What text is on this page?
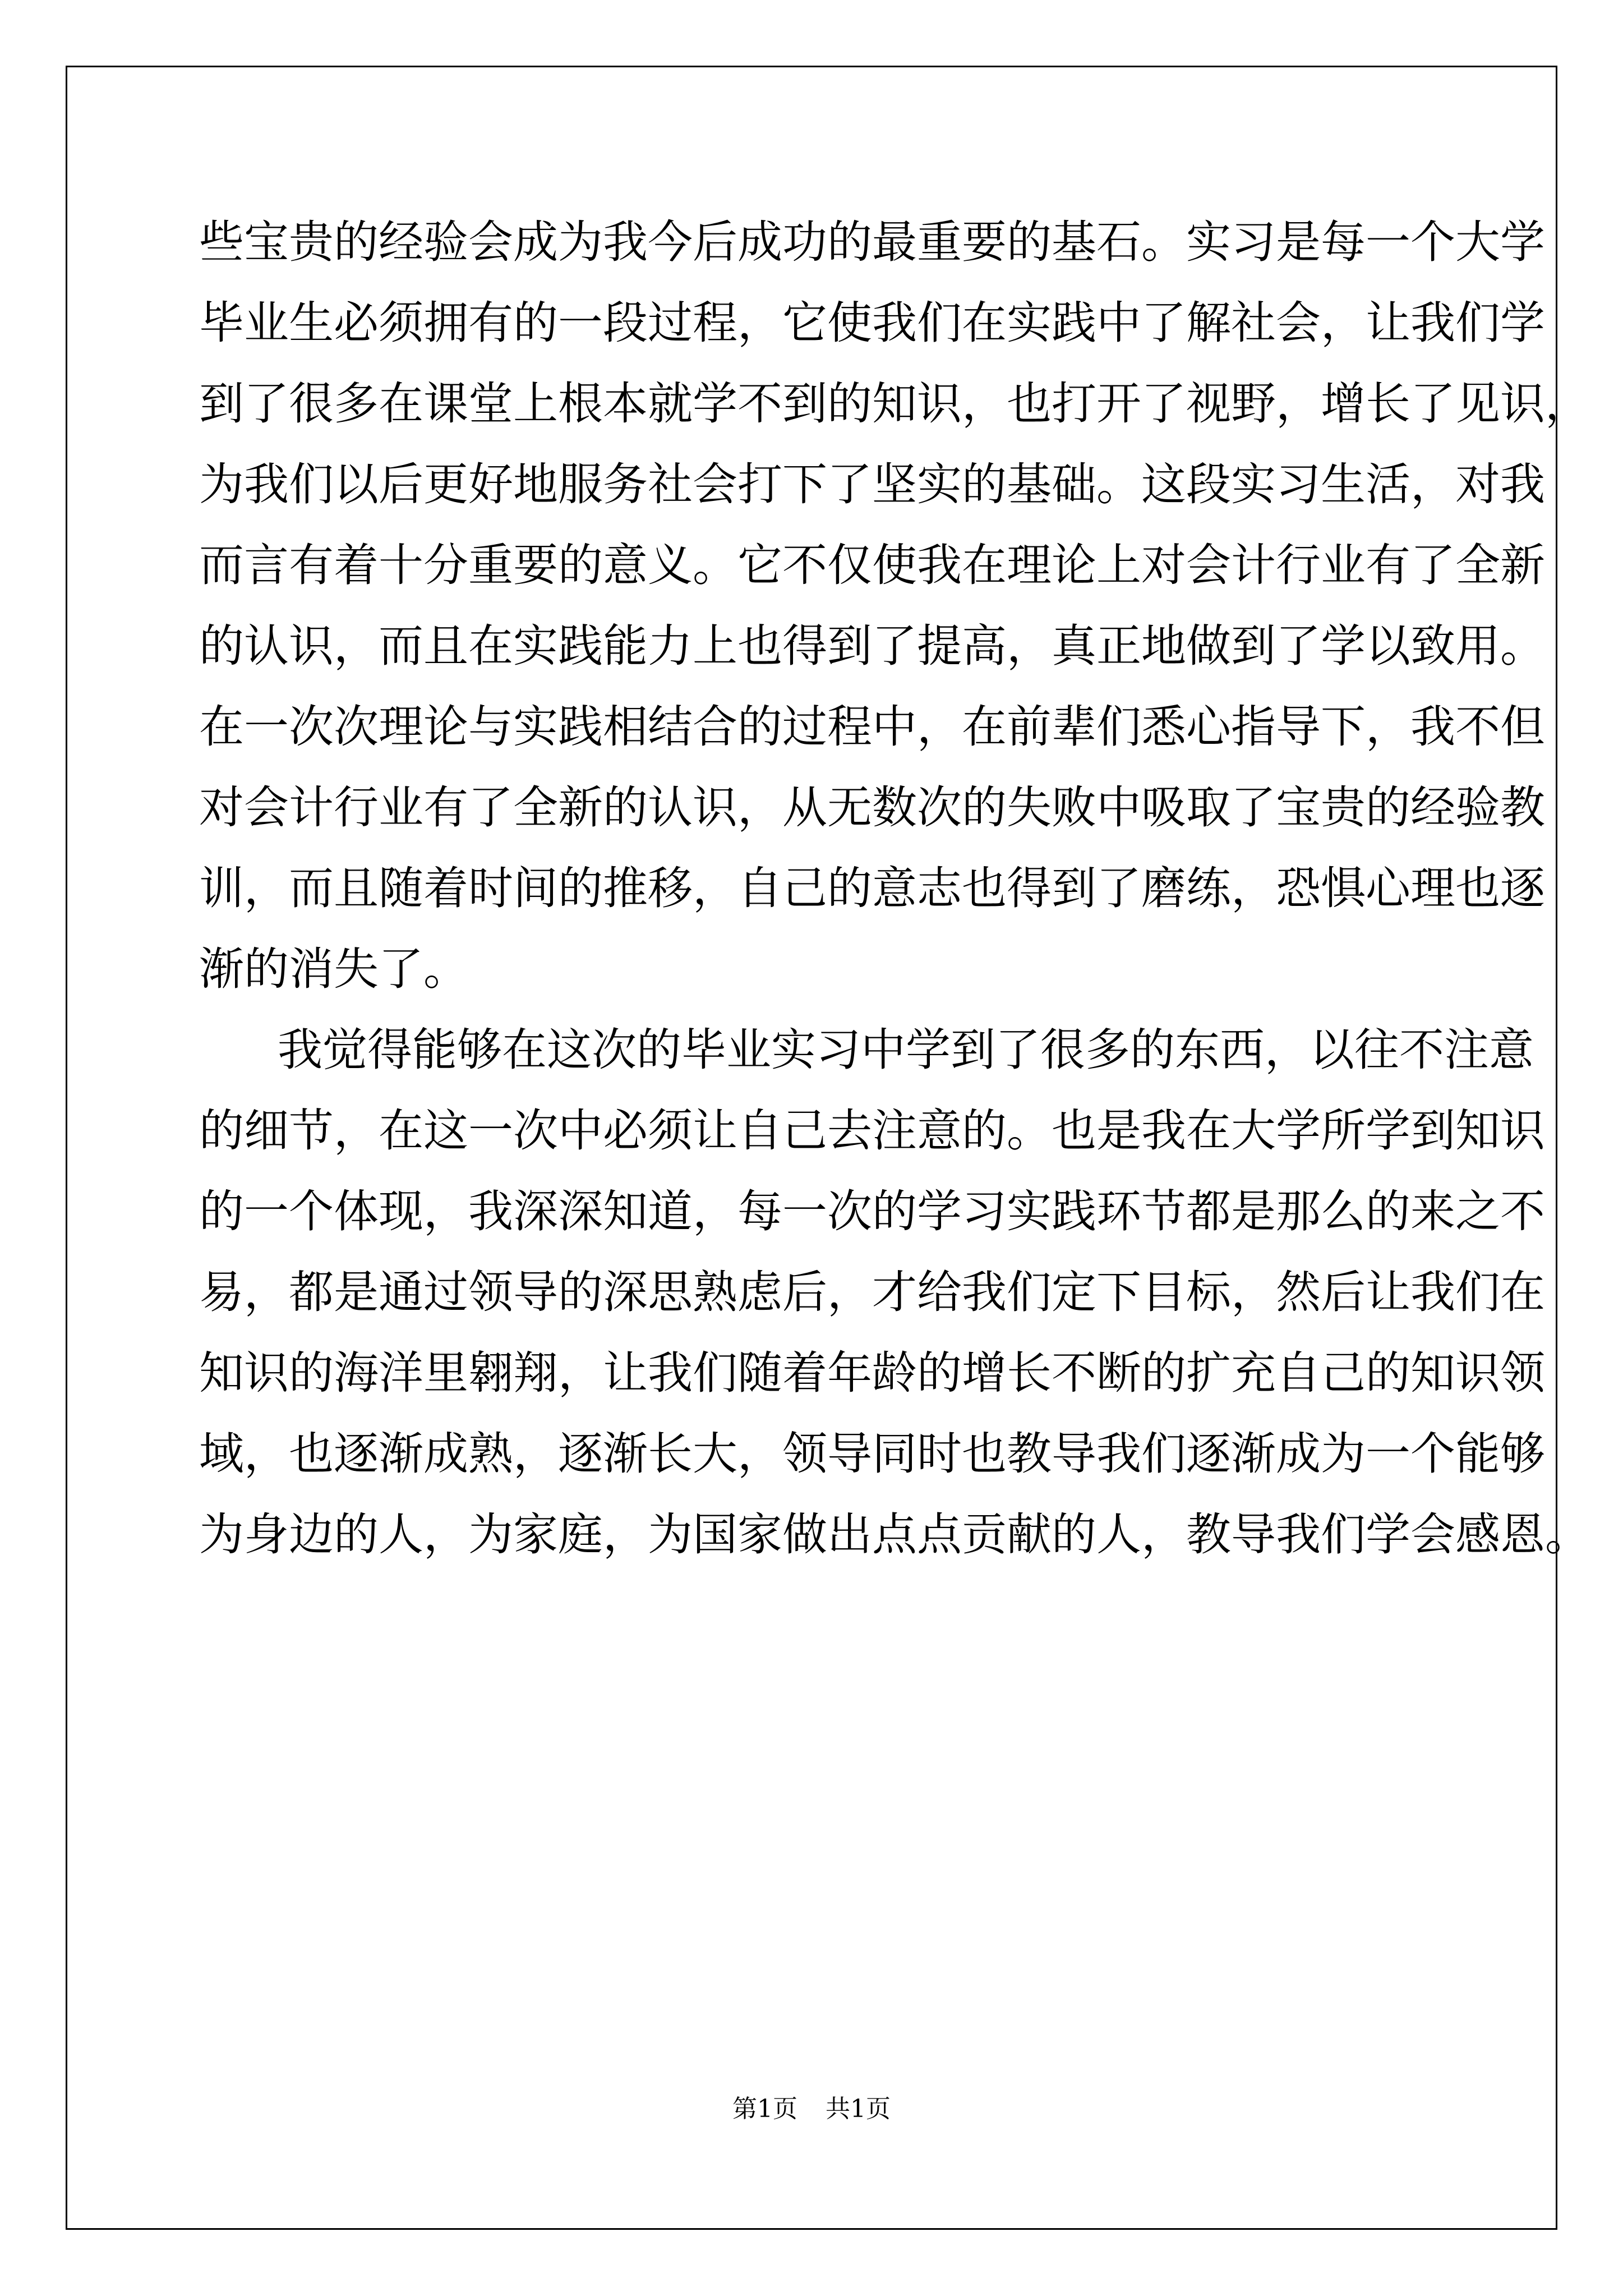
些宝贵的经验会成为我今后成功的最重要的基石。实习是每一个大学
毕业生必须拥有的一段过程，它使我们在实践中了解社会，让我们学
到了很多在课堂上根本就学不到的知识，也打开了视野，增长了见识，
为我们以后更好地服务社会打下了坚实的基础。这段实习生活，对我
而言有着十分重要的意义。它不仅使我在理论上对会计行业有了全新
的认识，而且在实践能力上也得到了提高，真正地做到了学以致用。
在一次次理论与实践相结合的过程中，在前辈们悉心指导下，我不但
对会计行业有了全新的认识，从无数次的失败中吸取了宝贵的经验教
训，而且随着时间的推移，自己的意志也得到了磨练，恐惧心理也逐
渐的消失了。
我觉得能够在这次的毕业实习中学到了很多的东西，以往不注意
的细节，在这一次中必须让自己去注意的。也是我在大学所学到知识
的一个体现，我深深知道，每一次的学习实践环节都是那么的来之不
易，都是通过领导的深思熟虑后，才给我们定下目标，然后让我们在
知识的海洋里翱翔，让我们随着年龄的增长不断的扩充自己的知识领
域，也逐渐成熟，逐渐长大，领导同时也教导我们逐渐成为一个能够
为身边的人，为家庭，为国家做出点点贡献的人，教导我们学会感恩。
第1页 共1页
